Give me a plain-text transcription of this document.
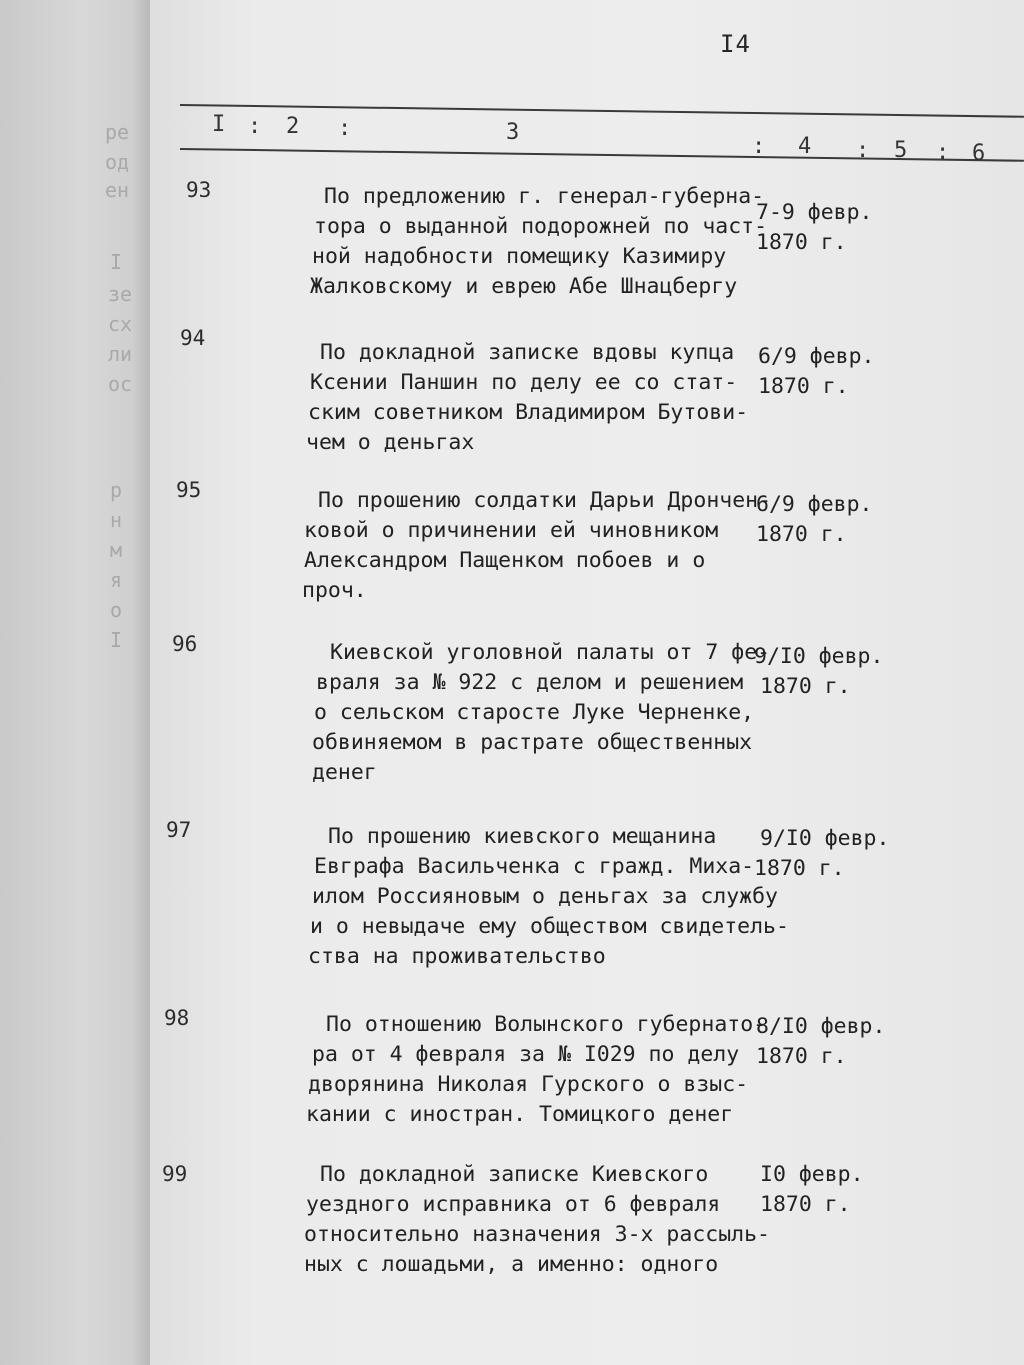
ре
од
ен
I
зе
сх
ли
ос
р
н
м
я
о
I
I4
I : 2 :	3
: 4 : 5 : 6
93	По предложению г. генерал-губерна-
тора о выданной подорожней по част-
ной надобности помещику Казимиру
Жалковскому и еврею Абе Шнацбергу
7-9 февр.
1870 г.
94
По докладной записке вдовы купца
Ксении Паншин по делу ее со стат-
ским советником Владимиром Бутови-
чем о деньгах
6/9 февр.
1870 г.
95	По прошению солдатки Дарьи Дрончен-
ковой о причинении ей чиновником
Александром Пащенком побоев и о
проч.
6/9 февр.
1870 г.
96	Киевской уголовной палаты от 7 фе-
враля за № 922 с делом и решением
о сельском старосте Луке Черненке,
обвиняемом в растрате общественных
денег
9/I0 февр.
1870 г.
97	По прошению киевского мещанина
Евграфа Васильченка с гражд. Миха-
илом Россияновым о деньгах за службу
и о невыдаче ему обществом свидетель-
ства на проживательство
9/I0 февр.
1870 г.
98	По отношению Волынского губернато-
ра от 4 февраля за № I029 по делу
дворянина Николая Гурского о взыс-
кании с иностран. Томицкого денег
8/I0 февр.
1870 г.
99	По докладной записке Киевского
уездного исправника от 6 февраля
относительно назначения 3-х рассыль-
ных с лошадьми, а именно: одного
I0 февр.
1870 г.
